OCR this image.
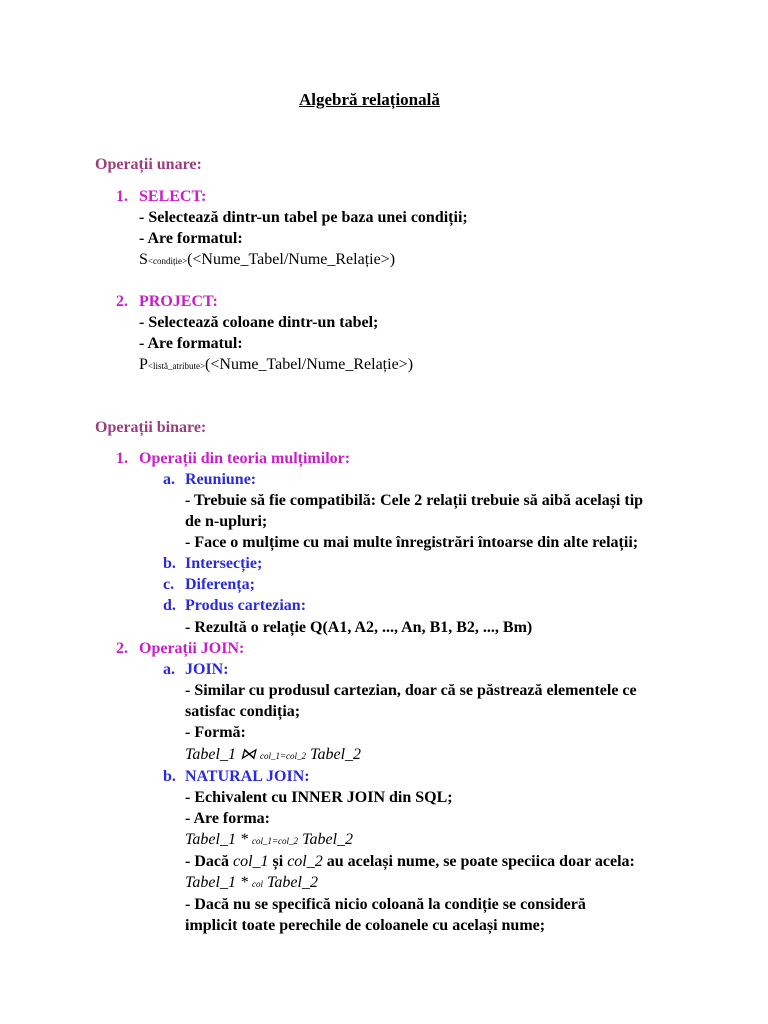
Algebră relațională
Operații unare:
1. SELECT:
- Selectează dintr-un tabel pe baza unei condiții;
- Are formatul:
S<condiție>(<Nume_Tabel/Nume_Relație>)
2. PROJECT:
- Selectează coloane dintr-un tabel;
- Are formatul:
P<listă_atribute>(<Nume_Tabel/Nume_Relație>)
Operații binare:
1. Operații din teoria mulțimilor:
a. Reuniune:
- Trebuie să fie compatibilă: Cele 2 relații trebuie să aibă același tip
de n-upluri;
- Face o mulțime cu mai multe înregistrări întoarse din alte relații;
b. Intersecție;
c. Diferența;
d. Produs cartezian:
- Rezultă o relație Q(A1, A2, ..., An, B1, B2, ..., Bm)
2. Operații JOIN:
a. JOIN:
- Similar cu produsul cartezian, doar că se păstrează elementele ce
satisfac condiția;
- Formă:
Tabel_1 ⋈ col_1=col_2 Tabel_2
b. NATURAL JOIN:
- Echivalent cu INNER JOIN din SQL;
- Are forma:
Tabel_1 * col_1=col_2 Tabel_2
- Dacă col_1 și col_2 au același nume, se poate speciica doar acela:
Tabel_1 * col Tabel_2
- Dacă nu se specifică nicio coloană la condiție se consideră
implicit toate perechile de coloanele cu același nume;
